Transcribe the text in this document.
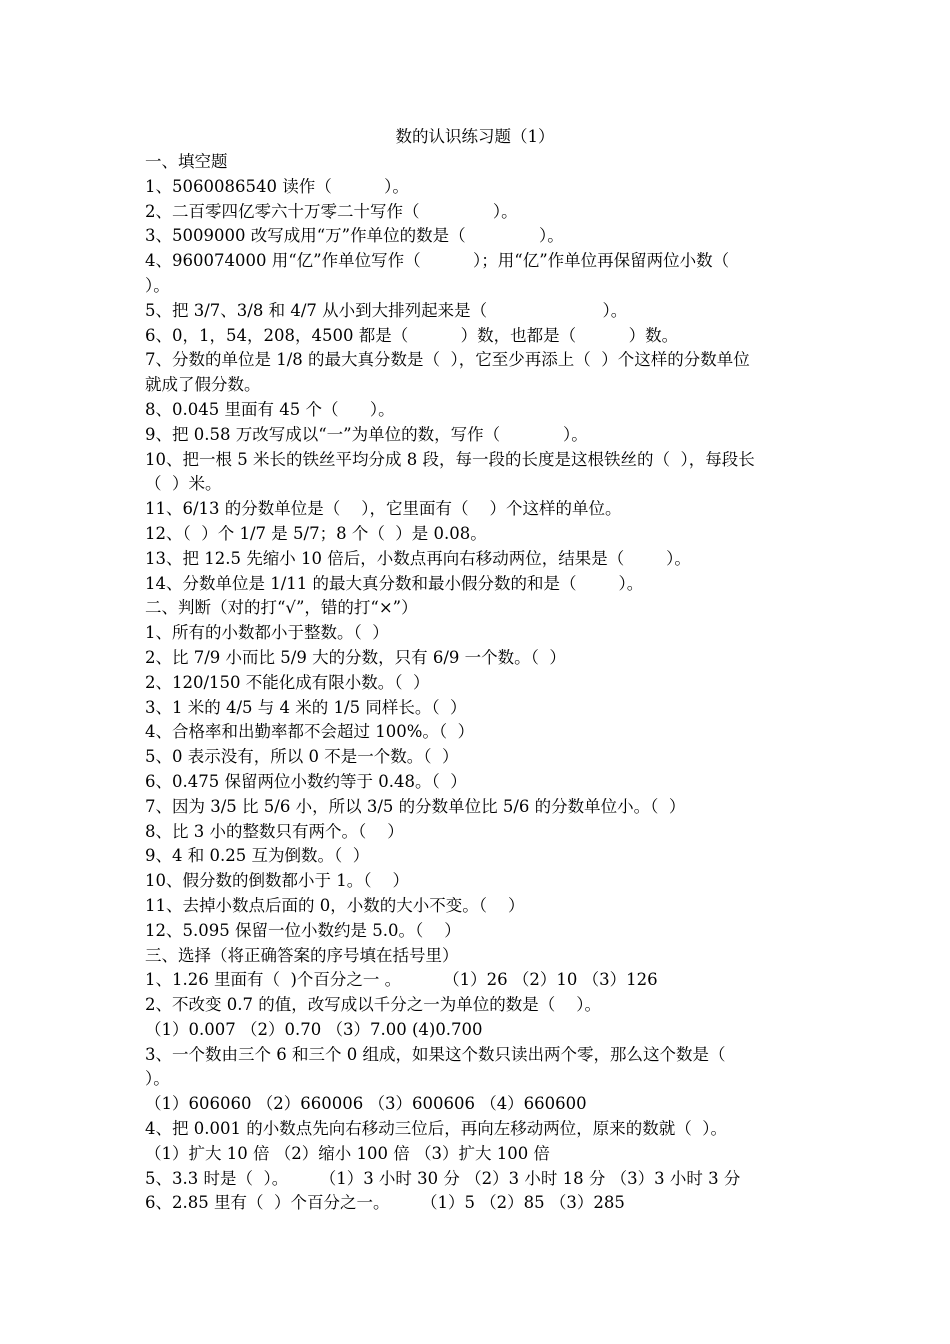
数的认识练习题（1）
一、填空题
1、5060086540 读作（          ）。
2、二百零四亿零六十万零二十写作（              ）。
3、5009000 改写成用“万”作单位的数是（              ）。
4、960074000 用“亿”作单位写作（          ）；用“亿”作单位再保留两位小数（
）。
5、把 3/7、3/8 和 4/7 从小到大排列起来是（                      ）。
6、0，1，54，208，4500 都是（          ）数，也都是（          ）数。
7、分数的单位是 1/8 的最大真分数是（  ），它至少再添上（  ）个这样的分数单位
就成了假分数。
8、0.045 里面有 45 个（      ）。
9、把 0.58 万改写成以“一”为单位的数，写作（            ）。
10、把一根 5 米长的铁丝平均分成 8 段，每一段的长度是这根铁丝的（  ），每段长
（  ）米。
11、6/13 的分数单位是（    ），它里面有（    ）个这样的单位。
12、（  ）个 1/7 是 5/7；8 个（  ）是 0.08。
13、把 12.5 先缩小 10 倍后，小数点再向右移动两位，结果是（        ）。
14、分数单位是 1/11 的最大真分数和最小假分数的和是（        ）。
二、判断（对的打“√”，错的打“×”）
1、所有的小数都小于整数。（  ）
2、比 7/9 小而比 5/9 大的分数，只有 6/9 一个数。（  ）
2、120/150 不能化成有限小数。（  ）
3、1 米的 4/5 与 4 米的 1/5 同样长。（  ）
4、合格率和出勤率都不会超过 100%。（  ）
5、0 表示没有，所以 0 不是一个数。（  ）
6、0.475 保留两位小数约等于 0.48。（  ）
7、因为 3/5 比 5/6 小，所以 3/5 的分数单位比 5/6 的分数单位小。（  ）
8、比 3 小的整数只有两个。（    ）
9、4 和 0.25 互为倒数。（  ）
10、假分数的倒数都小于 1。（    ）
11、去掉小数点后面的 0，小数的大小不变。（    ）
12、5.095 保留一位小数约是 5.0。（    ）
三、选择（将正确答案的序号填在括号里）
1、1.26 里面有（  )个百分之一 。        （1）26 （2）10 （3）126
2、不改变 0.7 的值，改写成以千分之一为单位的数是（    ）。
（1）0.007 （2）0.70 （3）7.00 (4)0.700
3、一个数由三个 6 和三个 0 组成，如果这个数只读出两个零，那么这个数是（
）。
（1）606060 （2）660006 （3）600606 （4）660600
4、把 0.001 的小数点先向右移动三位后，再向左移动两位，原来的数就（  ）。
（1）扩大 10 倍 （2）缩小 100 倍 （3）扩大 100 倍
5、3.3 时是（  ）。      （1）3 小时 30 分 （2）3 小时 18 分 （3）3 小时 3 分
6、2.85 里有（  ）个百分之一。      （1）5 （2）85 （3）285
